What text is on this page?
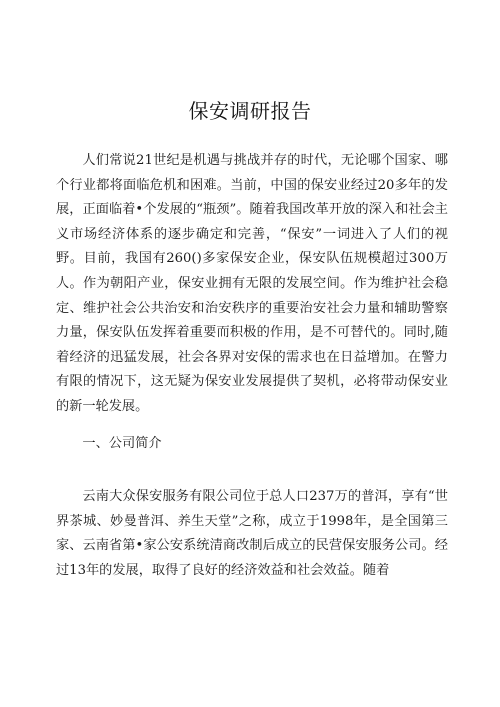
保安调研报告

人们常说21世纪是机遇与挑战并存的时代，无论哪个国家、哪个行业都将面临危机和困难。当前，中国的保安业经过20多年的发展，正面临着•个发展的“瓶颈”。随着我国改革开放的深入和社会主义市场经济体系的逐步确定和完善，“保安”一词进入了人们的视野。目前，我国有260()多家保安企业，保安队伍规模超过300万人。作为朝阳产业，保安业拥有无限的发展空间。作为维护社会稳定、维护社会公共治安和治安秩序的重要治安社会力量和辅助警察力量，保安队伍发挥着重要而积极的作用，是不可替代的。同时,随着经济的迅猛发展，社会各界对安保的需求也在日益增加。在警力有限的情况下，这无疑为保安业发展提供了契机，必将带动保安业的新一轮发展。

一、公司简介

云南大众保安服务有限公司位于总人口237万的普洱，享有“世界茶城、妙曼普洱、养生天堂”之称，成立于1998年，是全国第三家、云南省第•家公安系统清商改制后成立的民营保安服务公司。经过13年的发展，取得了良好的经济效益和社会效益。随着
